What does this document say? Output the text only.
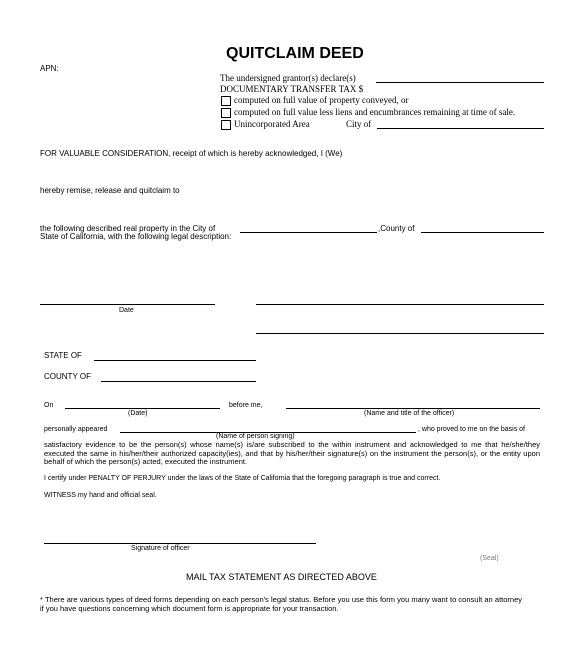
QUITCLAIM DEED
APN:
The undersigned grantor(s) declare(s)
DOCUMENTARY TRANSFER TAX $
computed on full value of property conveyed, or
computed on full value less liens and encumbrances remaining at time of sale.
Unincorporated Area	City of
FOR VALUABLE CONSIDERATION, receipt of which is hereby acknowledged, I (We)
hereby remise, release and quitclaim to
the following described real property in the City of	,County of
State of California, with the following legal description:
Date
STATE OF
COUNTY OF
On	before me,
(Date)	(Name and title of the officer)
personally appeared	, who proved to me on the basis of
(Name of person signing)
satisfactory evidence to be the person(s) whose name(s) is/are subscribed to the within instrument and acknowledged to me that he/she/they executed the same in his/her/their authorized capacity(ies), and that by his/her/their signature(s) on the instrument the person(s), or the entity upon behalf of which the person(s) acted, executed the instrument.
I certify under PENALTY OF PERJURY under the laws of the State of California that the foregoing paragraph is true and correct.
WITNESS my hand and official seal.
Signature of officer
(Seal)
MAIL TAX STATEMENT AS DIRECTED ABOVE
* There are various types of deed forms depending on each person's legal status. Before you use this form you many want to consult an attorney if you have questions concerning which document form is appropriate for your transaction.
